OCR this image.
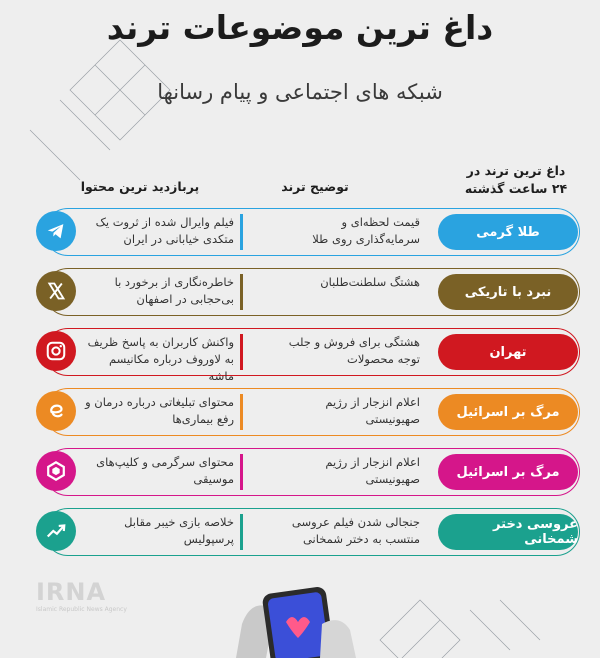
داغ ترین موضوعات ترند
شبکه های اجتماعی و پیام رسانها
داغ ترین ترند در ۲۴ ساعت گذشته
توضیح ترند
پربازدید ترین محتوا
طلا گرمی
قیمت لحظه‌ای و سرمایه‌گذاری روی طلا
فیلم وایرال شده از ثروت یک متکدی خیابانی در ایران
نبرد با تاریکی
هشتگ سلطنت‌طلبان
خاطره‌نگاری از برخورد با بی‌حجابی در اصفهان
تهران
هشتگی برای فروش و جلب توجه محصولات
واکنش کاربران به پاسخ ظریف به لاوروف درباره مکانیسم ماشه
مرگ بر اسرائیل
اعلام انزجار از رژیم صهیونیستی
محتوای تبلیغاتی درباره درمان و رفع بیماری‌ها
مرگ بر اسرائیل
اعلام انزجار از رژیم صهیونیستی
محتوای سرگرمی و کلیپ‌های موسیقی
عروسی دختر شمخانی
جنجالی شدن فیلم عروسی منتسب به دختر شمخانی
خلاصه بازی خیبر مقابل پرسپولیس
IRNA
Islamic Republic News Agency
